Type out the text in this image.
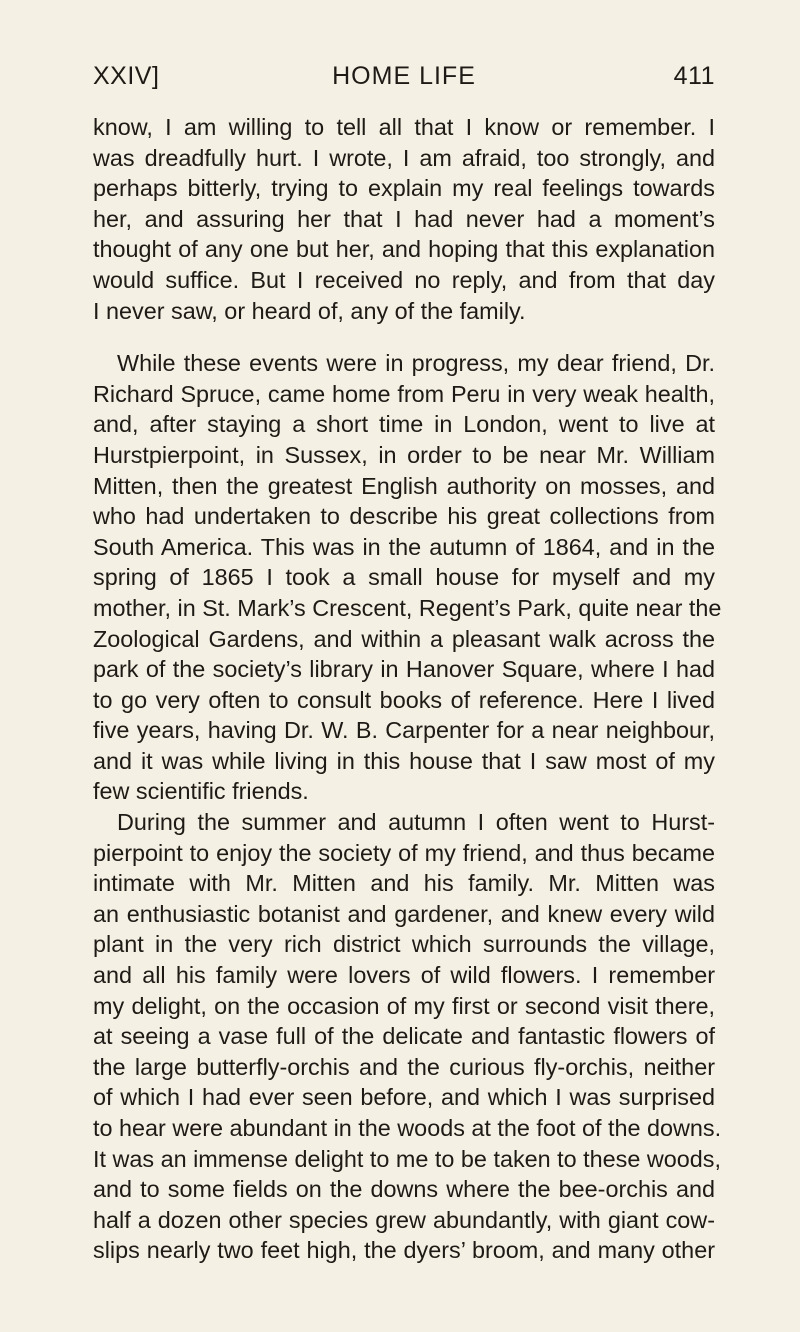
XXIV]	HOME LIFE	411
know, I am willing to tell all that I know or remember. I
was dreadfully hurt. I wrote, I am afraid, too strongly, and
perhaps bitterly, trying to explain my real feelings towards
her, and assuring her that I had never had a moment’s
thought of any one but her, and hoping that this explanation
would suffice. But I received no reply, and from that day
I never saw, or heard of, any of the family.
While these events were in progress, my dear friend, Dr.
Richard Spruce, came home from Peru in very weak health,
and, after staying a short time in London, went to live at
Hurstpierpoint, in Sussex, in order to be near Mr. William
Mitten, then the greatest English authority on mosses, and
who had undertaken to describe his great collections from
South America. This was in the autumn of 1864, and in the
spring of 1865 I took a small house for myself and my
mother, in St. Mark’s Crescent, Regent’s Park, quite near the
Zoological Gardens, and within a pleasant walk across the
park of the society’s library in Hanover Square, where I had
to go very often to consult books of reference. Here I lived
five years, having Dr. W. B. Carpenter for a near neighbour,
and it was while living in this house that I saw most of my
few scientific friends.
During the summer and autumn I often went to Hurst-
pierpoint to enjoy the society of my friend, and thus became
intimate with Mr. Mitten and his family. Mr. Mitten was
an enthusiastic botanist and gardener, and knew every wild
plant in the very rich district which surrounds the village,
and all his family were lovers of wild flowers. I remember
my delight, on the occasion of my first or second visit there,
at seeing a vase full of the delicate and fantastic flowers of
the large butterfly-orchis and the curious fly-orchis, neither
of which I had ever seen before, and which I was surprised
to hear were abundant in the woods at the foot of the downs.
It was an immense delight to me to be taken to these woods,
and to some fields on the downs where the bee-orchis and
half a dozen other species grew abundantly, with giant cow-
slips nearly two feet high, the dyers’ broom, and many other
